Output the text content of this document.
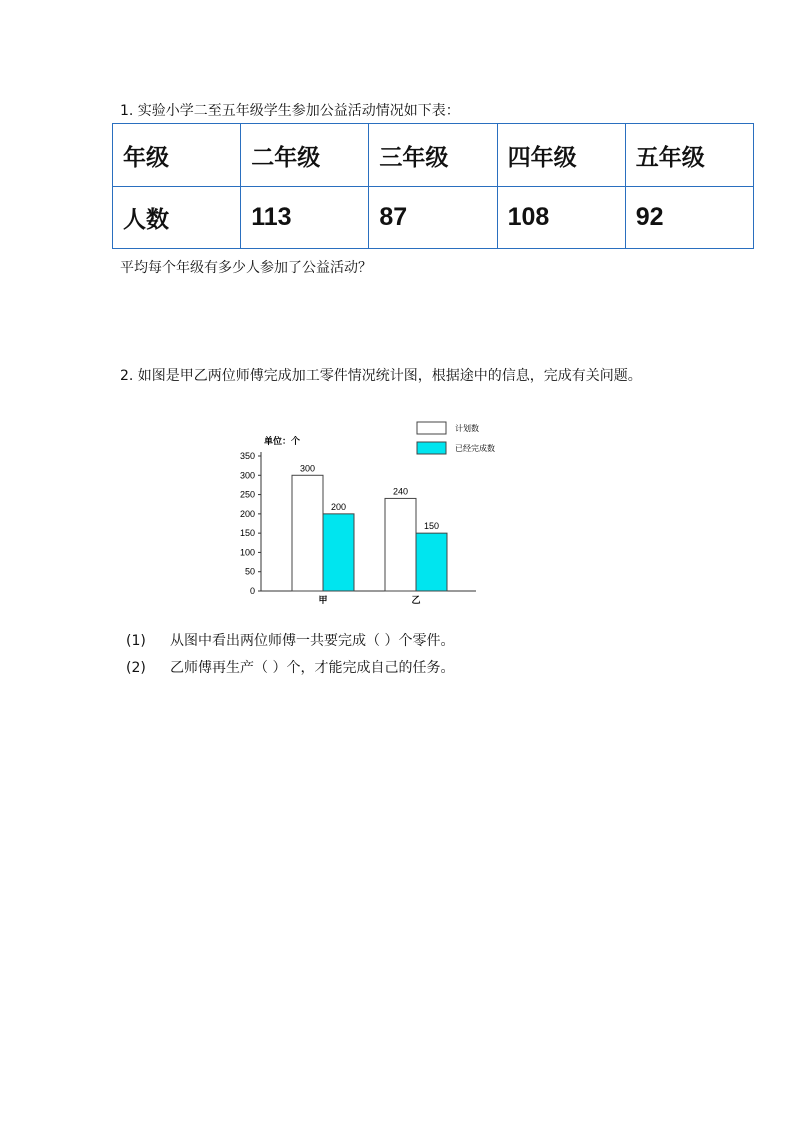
1. 实验小学二至五年级学生参加公益活动情况如下表：
年级	二年级	三年级	四年级	五年级
人数	113	87	108	92
平均每个年级有多少人参加了公益活动？
2. 如图是甲乙两位师傅完成加工零件情况统计图，根据途中的信息，完成有关问题。
单位：个
0
50
100
150
200
250
300
350
300
200
甲
240
150
乙
计划数
已经完成数
(1) 从图中看出两位师傅一共要完成（ ）个零件。
(2) 乙师傅再生产（ ）个，才能完成自己的任务。
